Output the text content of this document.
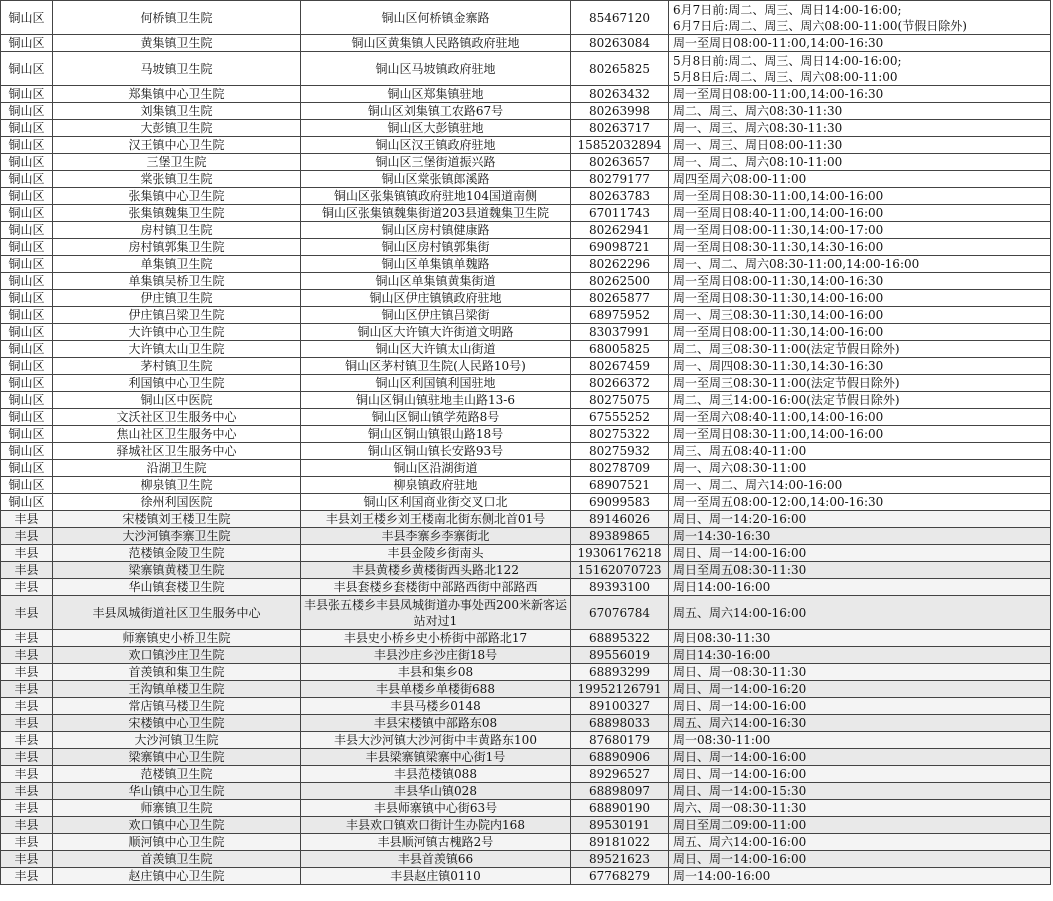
铜山区	何桥镇卫生院	铜山区何桥镇金寨路	85467120	6月7日前:周二、周三、周日14:00-16:00;
6月7日后:周二、周三、周六08:00-11:00(节假日除外)
铜山区	黄集镇卫生院	铜山区黄集镇人民路镇政府驻地	80263084	周一至周日08:00-11:00,14:00-16:30
铜山区	马坡镇卫生院	铜山区马坡镇政府驻地	80265825	5月8日前:周二、周三、周日14:00-16:00;
5月8日后:周二、周三、周六08:00-11:00
铜山区	郑集镇中心卫生院	铜山区郑集镇驻地	80263432	周一至周日08:00-11:00,14:00-16:30
铜山区	刘集镇卫生院	铜山区刘集镇工农路67号	80263998	周二、周三、周六08:30-11:30
铜山区	大彭镇卫生院	铜山区大彭镇驻地	80263717	周一、周三、周六08:30-11:30
铜山区	汉王镇中心卫生院	铜山区汉王镇政府驻地	15852032894	周一、周三、周日08:00-11:30
铜山区	三堡卫生院	铜山区三堡街道振兴路	80263657	周一、周二、周六08:10-11:00
铜山区	棠张镇卫生院	铜山区棠张镇郎溪路	80279177	周四至周六08:00-11:00
铜山区	张集镇中心卫生院	铜山区张集镇镇政府驻地104国道南侧	80263783	周一至周日08:30-11:00,14:00-16:00
铜山区	张集镇魏集卫生院	铜山区张集镇魏集街道203县道魏集卫生院	67011743	周一至周日08:40-11:00,14:00-16:00
铜山区	房村镇卫生院	铜山区房村镇健康路	80262941	周一至周日08:00-11:30,14:00-17:00
铜山区	房村镇郭集卫生院	铜山区房村镇郭集街	69098721	周一至周日08:30-11:30,14:30-16:00
铜山区	单集镇卫生院	铜山区单集镇单魏路	80262296	周一、周二、周六08:30-11:00,14:00-16:00
铜山区	单集镇吴桥卫生院	铜山区单集镇黄集街道	80262500	周一至周日08:00-11:30,14:00-16:30
铜山区	伊庄镇卫生院	铜山区伊庄镇镇政府驻地	80265877	周一至周日08:30-11:30,14:00-16:00
铜山区	伊庄镇吕梁卫生院	铜山区伊庄镇吕梁街	68975952	周一、周三08:30-11:30,14:00-16:00
铜山区	大许镇中心卫生院	铜山区大许镇大许街道文明路	83037991	周一至周日08:00-11:30,14:00-16:00
铜山区	大许镇太山卫生院	铜山区大许镇太山街道	68005825	周二、周三08:30-11:00(法定节假日除外)
铜山区	茅村镇卫生院	铜山区茅村镇卫生院(人民路10号)	80267459	周一、周四08:30-11:30,14:30-16:30
铜山区	利国镇中心卫生院	铜山区利国镇利国驻地	80266372	周一至周三08:30-11:00(法定节假日除外)
铜山区	铜山区中医院	铜山区铜山镇驻地圭山路13-6	80275075	周二、周三14:00-16:00(法定节假日除外)
铜山区	文沃社区卫生服务中心	铜山区铜山镇学苑路8号	67555252	周一至周六08:40-11:00,14:00-16:00
铜山区	焦山社区卫生服务中心	铜山区铜山镇银山路18号	80275322	周一至周日08:30-11:00,14:00-16:00
铜山区	驿城社区卫生服务中心	铜山区铜山镇长安路93号	80275932	周三、周五08:40-11:00
铜山区	沿湖卫生院	铜山区沿湖街道	80278709	周一、周六08:30-11:00
铜山区	柳泉镇卫生院	柳泉镇政府驻地	68907521	周一、周二、周六14:00-16:00
铜山区	徐州利国医院	铜山区利国商业街交叉口北	69099583	周一至周五08:00-12:00,14:00-16:30
丰县	宋楼镇刘王楼卫生院	丰县刘王楼乡刘王楼南北街东侧北首01号	89146026	周日、周一14:20-16:00
丰县	大沙河镇李寨卫生院	丰县李寨乡李寨街北	89389865	周一14:30-16:30
丰县	范楼镇金陵卫生院	丰县金陵乡街南头	19306176218	周日、周一14:00-16:00
丰县	梁寨镇黄楼卫生院	丰县黄楼乡黄楼街西头路北122	15162070723	周日至周五08:30-11:30
丰县	华山镇套楼卫生院	丰县套楼乡套楼街中部路西街中部路西	89393100	周日14:00-16:00
丰县	丰县凤城街道社区卫生服务中心	丰县张五楼乡丰县凤城街道办事处西200米新客运站对过1	67076784	周五、周六14:00-16:00
丰县	师寨镇史小桥卫生院	丰县史小桥乡史小桥街中部路北17	68895322	周日08:30-11:30
丰县	欢口镇沙庄卫生院	丰县沙庄乡沙庄街18号	89556019	周日14:30-16:00
丰县	首羡镇和集卫生院	丰县和集乡08	68893299	周日、周一08:30-11:30
丰县	王沟镇单楼卫生院	丰县单楼乡单楼街688	19952126791	周日、周一14:00-16:20
丰县	常店镇马楼卫生院	丰县马楼乡0148	89100327	周日、周一14:00-16:00
丰县	宋楼镇中心卫生院	丰县宋楼镇中部路东08	68898033	周五、周六14:00-16:30
丰县	大沙河镇卫生院	丰县大沙河镇大沙河街中丰黄路东100	87680179	周一08:30-11:00
丰县	梁寨镇中心卫生院	丰县梁寨镇梁寨中心街1号	68890906	周日、周一14:00-16:00
丰县	范楼镇卫生院	丰县范楼镇088	89296527	周日、周一14:00-16:00
丰县	华山镇中心卫生院	丰县华山镇028	68898097	周日、周一14:00-15:30
丰县	师寨镇卫生院	丰县师寨镇中心街63号	68890190	周六、周一08:30-11:30
丰县	欢口镇中心卫生院	丰县欢口镇欢口街计生办院内168	89530191	周日至周二09:00-11:00
丰县	顺河镇中心卫生院	丰县顺河镇古槐路2号	89181022	周五、周六14:00-16:00
丰县	首羡镇卫生院	丰县首羡镇66	89521623	周日、周一14:00-16:00
丰县	赵庄镇中心卫生院	丰县赵庄镇0110	67768279	周一14:00-16:00
